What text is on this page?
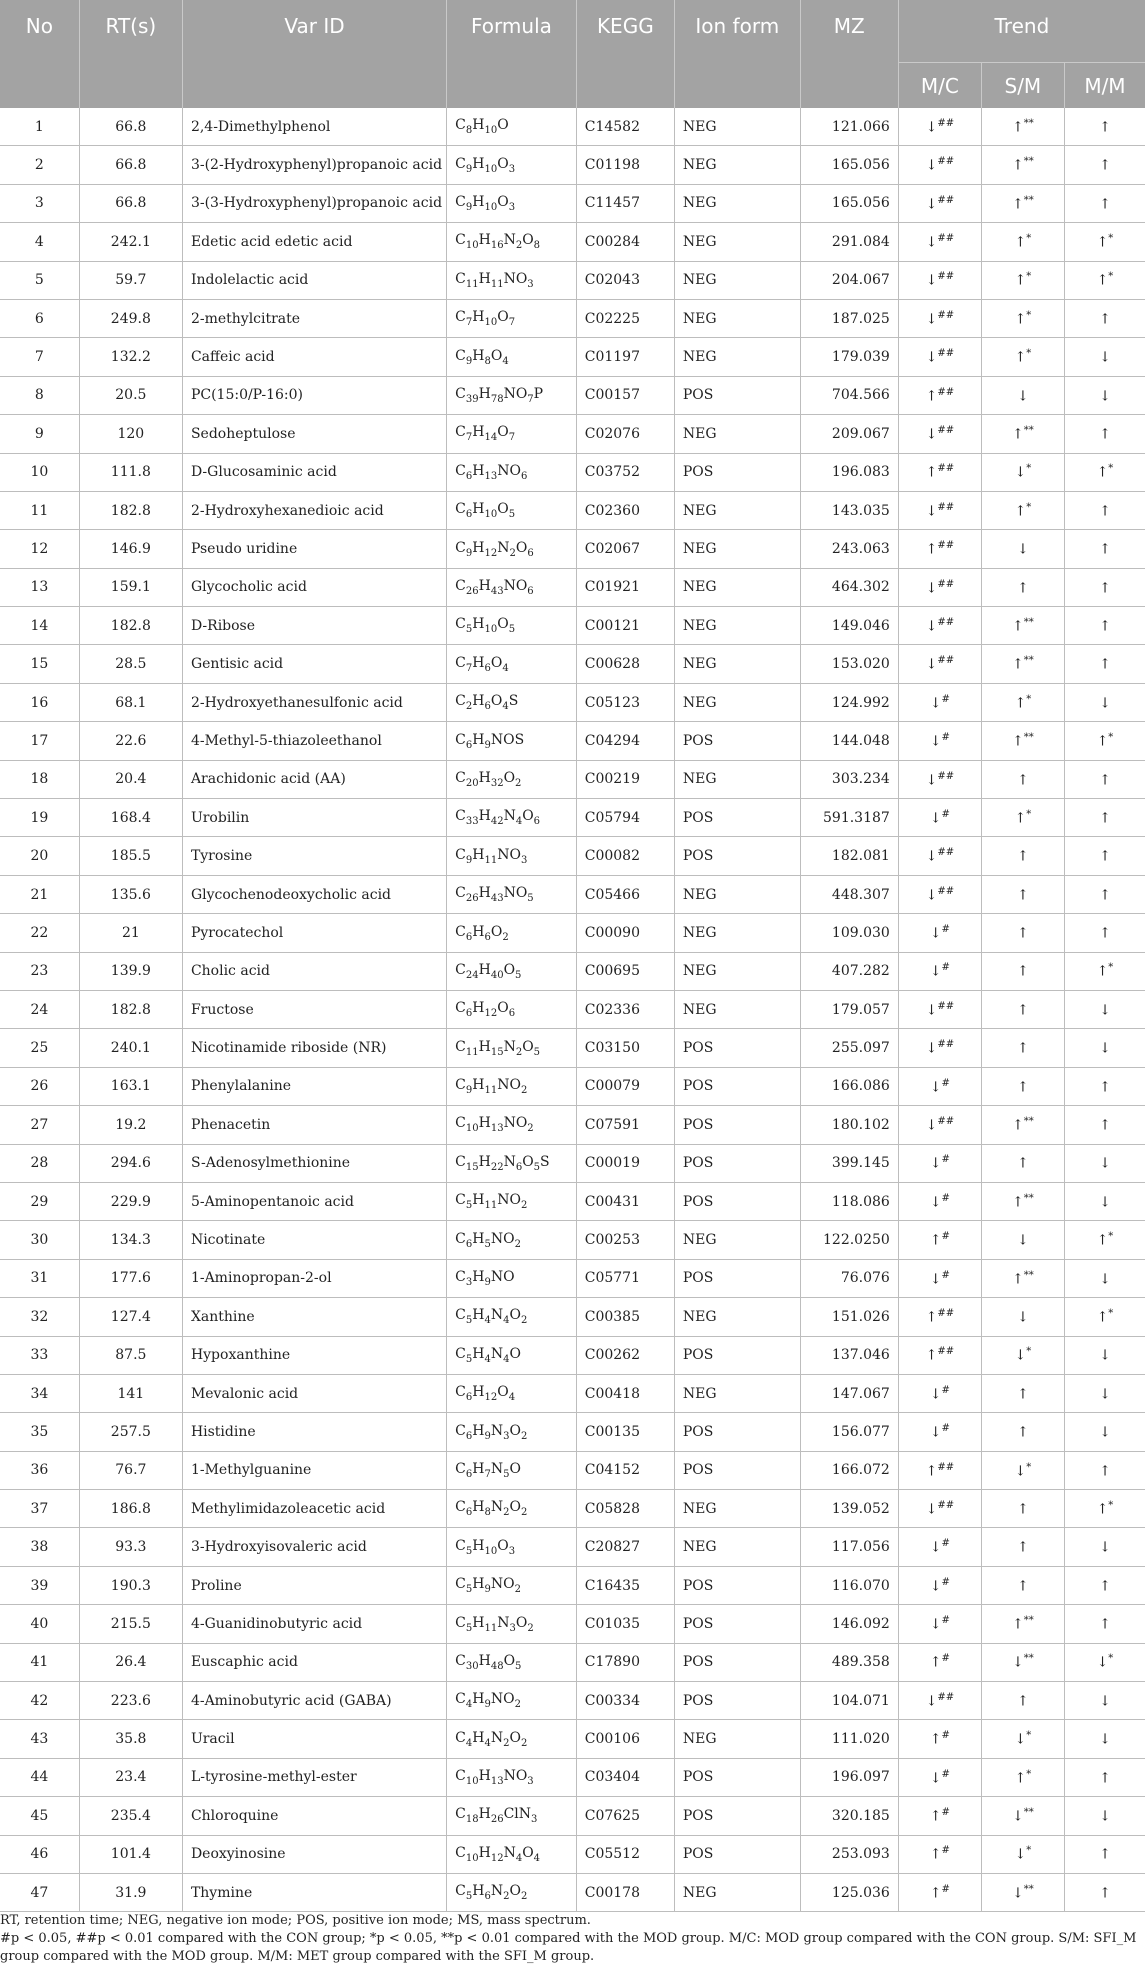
No	RT(s)	Var ID	Formula	KEGG	Ion form	MZ	Trend		
							M/C	S/M	M/M
1	66.8	2,4-Dimethylphenol	$C_8H_{10}O$	C14582	NEG	121.066	↓##	↑**	↑
2	66.8	3-(2-Hydroxyphenyl)propanoic acid	$C_9H_{10}O_3$	C01198	NEG	165.056	↓##	↑**	↑
3	66.8	3-(3-Hydroxyphenyl)propanoic acid	$C_9H_{10}O_3$	C11457	NEG	165.056	↓##	↑**	↑
4	242.1	Edetic acid edetic acid	$C_{10}H_{16}N_2O_8$	C00284	NEG	291.084	↓##	↑*	↑*
5	59.7	Indolelactic acid	$C_{11}H_{11}NO_3$	C02043	NEG	204.067	↓##	↑*	↑*
6	249.8	2-methylcitrate	$C_7H_{10}O_7$	C02225	NEG	187.025	↓##	↑*	↑
7	132.2	Caffeic acid	$C_9H_8O_4$	C01197	NEG	179.039	↓##	↑*	↓
8	20.5	PC(15:0/P-16:0)	$C_{39}H_{78}NO_7P$	C00157	POS	704.566	↑##	↓	↓
9	120	Sedoheptulose	$C_7H_{14}O_7$	C02076	NEG	209.067	↓##	↑**	↑
10	111.8	D-Glucosaminic acid	$C_6H_{13}NO_6$	C03752	POS	196.083	↑##	↓*	↑*
11	182.8	2-Hydroxyhexanedioic acid	$C_6H_{10}O_5$	C02360	NEG	143.035	↓##	↑*	↑
12	146.9	Pseudo uridine	$C_9H_{12}N_2O_6$	C02067	NEG	243.063	↑##	↓	↑
13	159.1	Glycocholic acid	$C_{26}H_{43}NO_6$	C01921	NEG	464.302	↓##	↑	↑
14	182.8	D-Ribose	$C_5H_{10}O_5$	C00121	NEG	149.046	↓##	↑**	↑
15	28.5	Gentisic acid	$C_7H_6O_4$	C00628	NEG	153.020	↓##	↑**	↑
16	68.1	2-Hydroxyethanesulfonic acid	$C_2H_6O_4S$	C05123	NEG	124.992	↓#	↑*	↓
17	22.6	4-Methyl-5-thiazoleethanol	$C_6H_9NOS$	C04294	POS	144.048	↓#	↑**	↑*
18	20.4	Arachidonic acid (AA)	$C_{20}H_{32}O_2$	C00219	NEG	303.234	↓##	↑	↑
19	168.4	Urobilin	$C_{33}H_{42}N_4O_6$	C05794	POS	591.3187	↓#	↑*	↑
20	185.5	Tyrosine	$C_9H_{11}NO_3$	C00082	POS	182.081	↓##	↑	↑
21	135.6	Glycochenodeoxycholic acid	$C_{26}H_{43}NO_5$	C05466	NEG	448.307	↓##	↑	↑
22	21	Pyrocatechol	$C_6H_6O_2$	C00090	NEG	109.030	↓#	↑	↑
23	139.9	Cholic acid	$C_{24}H_{40}O_5$	C00695	NEG	407.282	↓#	↑	↑*
24	182.8	Fructose	$C_6H_{12}O_6$	C02336	NEG	179.057	↓##	↑	↓
25	240.1	Nicotinamide riboside (NR)	$C_{11}H_{15}N_2O_5$	C03150	POS	255.097	↓##	↑	↓
26	163.1	Phenylalanine	$C_9H_{11}NO_2$	C00079	POS	166.086	↓#	↑	↑
27	19.2	Phenacetin	$C_{10}H_{13}NO_2$	C07591	POS	180.102	↓##	↑**	↑
28	294.6	S-Adenosylmethionine	$C_{15}H_{22}N_6O_5S$	C00019	POS	399.145	↓#	↑	↓
29	229.9	5-Aminopentanoic acid	$C_5H_{11}NO_2$	C00431	POS	118.086	↓#	↑**	↓
30	134.3	Nicotinate	$C_6H_5NO_2$	C00253	NEG	122.0250	↑#	↓	↑*
31	177.6	1-Aminopropan-2-ol	$C_3H_9NO$	C05771	POS	76.076	↓#	↑**	↓
32	127.4	Xanthine	$C_5H_4N_4O_2$	C00385	NEG	151.026	↑##	↓	↑*
33	87.5	Hypoxanthine	$C_5H_4N_4O$	C00262	POS	137.046	↑##	↓*	↓
34	141	Mevalonic acid	$C_6H_{12}O_4$	C00418	NEG	147.067	↓#	↑	↓
35	257.5	Histidine	$C_6H_9N_3O_2$	C00135	POS	156.077	↓#	↑	↓
36	76.7	1-Methylguanine	$C_6H_7N_5O$	C04152	POS	166.072	↑##	↓*	↑
37	186.8	Methylimidazoleacetic acid	$C_6H_8N_2O_2$	C05828	NEG	139.052	↓##	↑	↑*
38	93.3	3-Hydroxyisovaleric acid	$C_5H_{10}O_3$	C20827	NEG	117.056	↓#	↑	↓
39	190.3	Proline	$C_5H_9NO_2$	C16435	POS	116.070	↓#	↑	↑
40	215.5	4-Guanidinobutyric acid	$C_5H_{11}N_3O_2$	C01035	POS	146.092	↓#	↑**	↑
41	26.4	Euscaphic acid	$C_{30}H_{48}O_5$	C17890	POS	489.358	↑#	↓**	↓*
42	223.6	4-Aminobutyric acid (GABA)	$C_4H_9NO_2$	C00334	POS	104.071	↓##	↑	↓
43	35.8	Uracil	$C_4H_4N_2O_2$	C00106	NEG	111.020	↑#	↓*	↓
44	23.4	L-tyrosine-methyl-ester	$C_{10}H_{13}NO_3$	C03404	POS	196.097	↓#	↑*	↑
45	235.4	Chloroquine	$C_{18}H_{26}ClN_3$	C07625	POS	320.185	↑#	↓**	↓
46	101.4	Deoxyinosine	$C_{10}H_{12}N_4O_4$	C05512	POS	253.093	↑#	↓*	↑
47	31.9	Thymine	$C_5H_6N_2O_2$	C00178	NEG	125.036	↑#	↓**	↑
RT, retention time; NEG, negative ion mode; POS, positive ion mode; MS, mass spectrum.
#p < 0.05, ##p < 0.01 compared with the CON group; *p < 0.05, **p < 0.01 compared with the MOD group. M/C: MOD group compared with the CON group. S/M: SFI_M group compared with the MOD group. M/M: MET group compared with the SFI_M group.
